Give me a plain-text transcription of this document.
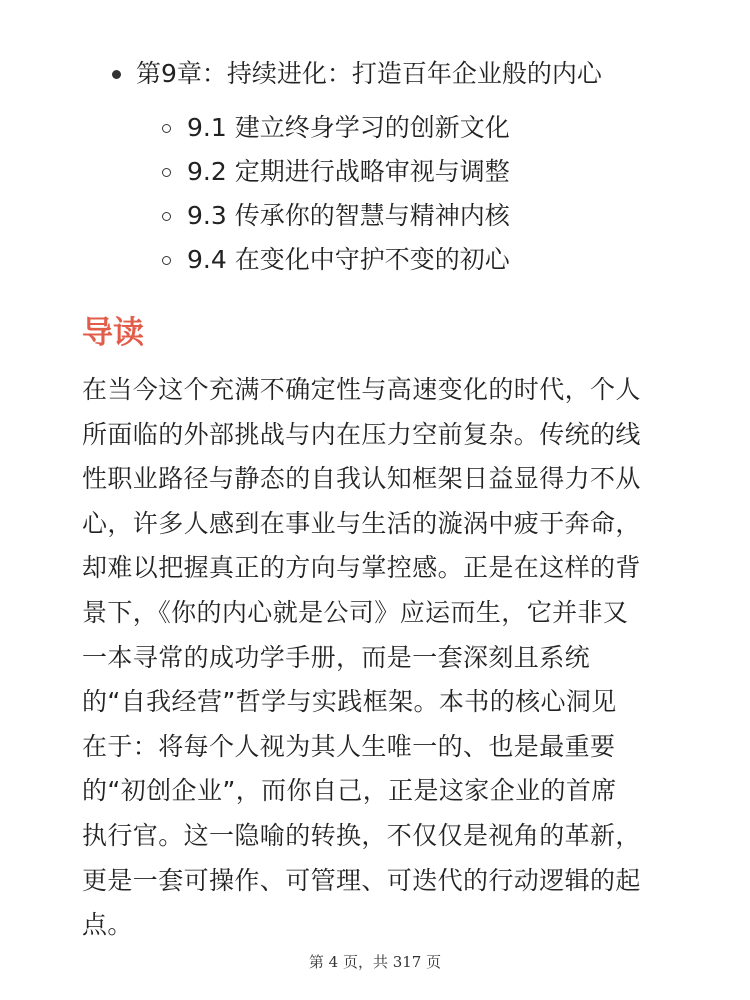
第9章：持续进化：打造百年企业般的内心
9.1 建立终身学习的创新文化
9.2 定期进行战略审视与调整
9.3 传承你的智慧与精神内核
9.4 在变化中守护不变的初心
导读
在当今这个充满不确定性与高速变化的时代，个人
所面临的外部挑战与内在压力空前复杂。传统的线
性职业路径与静态的自我认知框架日益显得力不从
心，许多人感到在事业与生活的漩涡中疲于奔命，
却难以把握真正的方向与掌控感。正是在这样的背
景下，《你的内心就是公司》应运而生，它并非又
一本寻常的成功学手册，而是一套深刻且系统
的“自我经营”哲学与实践框架。本书的核心洞见
在于：将每个人视为其人生唯一的、也是最重要
的“初创企业”，而你自己，正是这家企业的首席
执行官。这一隐喻的转换，不仅仅是视角的革新，
更是一套可操作、可管理、可迭代的行动逻辑的起
点。
第 4 页，共 317 页
